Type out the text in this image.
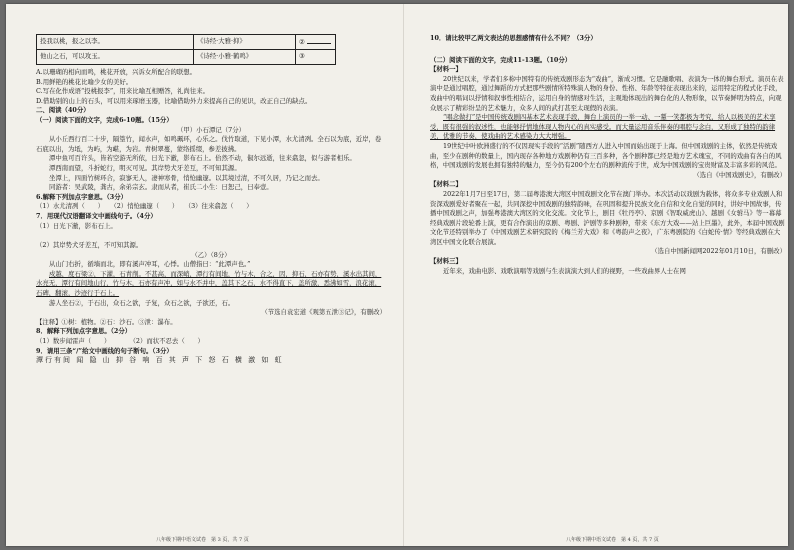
投我以桃，报之以李。	《诗经·大雅·抑》	②
他山之石，可以攻玉。	《诗经·小雅·鹤鸣》	③

A.以珊瑚的相向而鸣，桃花开放，兴诉女所配合的联想。

B.用鲜艳的桃花比喻少女的美好。

C.写在化作成语“投桃报李”，用来比喻互相赠答，礼尚往来。

D.借助别的山上的石头，可以用来琢磨玉器，比喻借助外力来提高自己的见识，改正自己的缺点。

二、阅读（40分）

（一）阅读下面的文字，完成6-10题。（15分）

（甲）小石潭记（7分）

从小丘西行百二十步，隔篁竹，闻水声，如鸣珮环，心乐之。伐竹取道，下见小潭，水尤清冽。全石以为底，近岸，卷石底以出，为坻，为屿，为嵁，为岩。青树翠蔓，蒙络摇缀，参差披拂。

潭中鱼可百许头，皆若空游无所依，日光下澈，影布石上。佁然不动，俶尔远逝，往来翕忽，似与游者相乐。

潭西南而望，斗折蛇行，明灭可见。其岸势犬牙差互，不可知其源。

坐潭上，四面竹树环合，寂寥无人，凄神寒骨，悄怆幽邃。以其境过清，不可久居，乃记之而去。

同游者：吴武陵，龚古，余弟宗玄。隶而从者，崔氏二小生：曰恕己，曰奉壹。

6.解释下列加点字意思。（3分）

（1）水尤清冽（　　）　　（2）悄怆幽邃（　　）　　（3）往来翕忽（　　）

7．用现代汉语翻译文中画线句子。（4分）

（1）日光下澈，影布石上。

（2）其岸势犬牙差互，不可知其源。

（乙）（8分）

从山门右折，循墙而北，即有溪声冲耳，心悸。山僧指曰：“此潭声也。”

戍越，度石梁②，下濯，石青削。不甚高，而深峭，潭行有间地，竹与木，合之，因，抑石，石亦有势，溪水出其间，水亮无，潭行有间地山行，竹与木，石亦有声冲，如与水不并中，盖其下之石，水不得直下，盖所激，悉沸如雪，浪花滚，石碑，翻滚，沙迹行于石上。

游人坐石②，于石出，众石之欲，子复，众石之欲，子欲还，石。

（节选自袁宏道《观第五泄③记》，有删改）

【注释】①树：植物。②石：沙石。③泄：瀑布。

8．解释下列加点字意思。（2分）

（1）数步闻雷声（　　）　　　　（2）而状不忍去（　　）

9．请用三条“/”给文中画线的句子断句。（3分）

潭行有间 闻 隐 山 抑 谷 响 百 其 声 下 怒 石 横 激 如 虹

八年级下期中语文试卷　第 3 页，共 7 页

10．请比较甲乙两文表达的思想感情有什么不同？（3分）

（二）阅读下面的文字，完成11-13题。（10分）

【材料一】

20世纪以来，学者们多称中国特有的传统戏剧形态为“戏曲”，渐成习惯。它是融歌唱、表演为一体的舞台形式。演员在表演中是通过唱腔，通过舞蹈的方式把那些剧情所特殊演人物的身份、性格、年龄等特征表现出来的，运用特定的程式化手段，戏曲中的唱词以抒情和叙事性相结合，运用自身的情感对生活，主观地体现出的舞台化的人物形象，以节奏鲜明为特点，向观众展示了精彩纷呈的艺术魅力，众多人间的武打甚至太现假的表演。

“唱念做打”是中国传统戏剧四基本艺术表现手段，舞台上演员的一举一动、一颦一笑都极为考究，给人以极美的艺术享受，既有很强的叙述性，也能够抒情地体现人物内心的真实感受。而大量运用音乐伴奏的唱腔与念白，又形成了独特的韵律美，优雅的节奏，使戏曲的艺术感染力大大增强。

19世纪中叶欧洲盛行的不仅因现实手段的“活剧”随西方人进入中国而始出现于上海。但中国戏剧的主体，依然是传统戏曲，至少在剧种的数量上，国内现存各种地方戏剧种仍有三百多种，各个剧种都已经是地方艺术瑰宝，不同的戏曲有各自的风格，中国戏剧的发展也拥有独特的魅力，至今仍有200个左右的剧种流传于世，成为中国戏剧的宝贵财富及丰富多彩的风范。

（选自《中国戏剧史》，有删改）

【材料二】

2022年1月7日至17日，第二届粤港澳大湾区中国戏剧文化节在澳门举办。本次活动以戏剧为载体，将众多专业戏剧人和资深戏剧爱好者聚在一起，共同深挖中国戏剧的独特韵味，在巩固和提升民族文化自信和文化自觉的同时，讲好中国故事，传播中国戏剧之声，加强粤港澳大湾区的文化交流。文化节上，剧目《牡丹亭》、京剧《智取威虎山》、越剧《女驸马》等一幕幕经典戏剧片段轮番上演，更有合作演出的京剧、粤剧、沪剧等多种剧种，带来《东方大戏——站上巨墨》，此外，本届中国戏剧文化节还特别举办了《中国戏剧艺术研究院的《梅兰芳大戏》和《粤韵声之夜》，广东粤剧院的《白蛇传·情》等经典戏剧在大湾区中国文化联合展演。

（选自中国新闻网2022年01月10日，有删改）

【材料三】

近年来，戏曲电影、戏歌演唱等戏剧与生表演演大到人们的视野，一些戏曲界人士在网

八年级下期中语文试卷　第 4 页，共 7 页
